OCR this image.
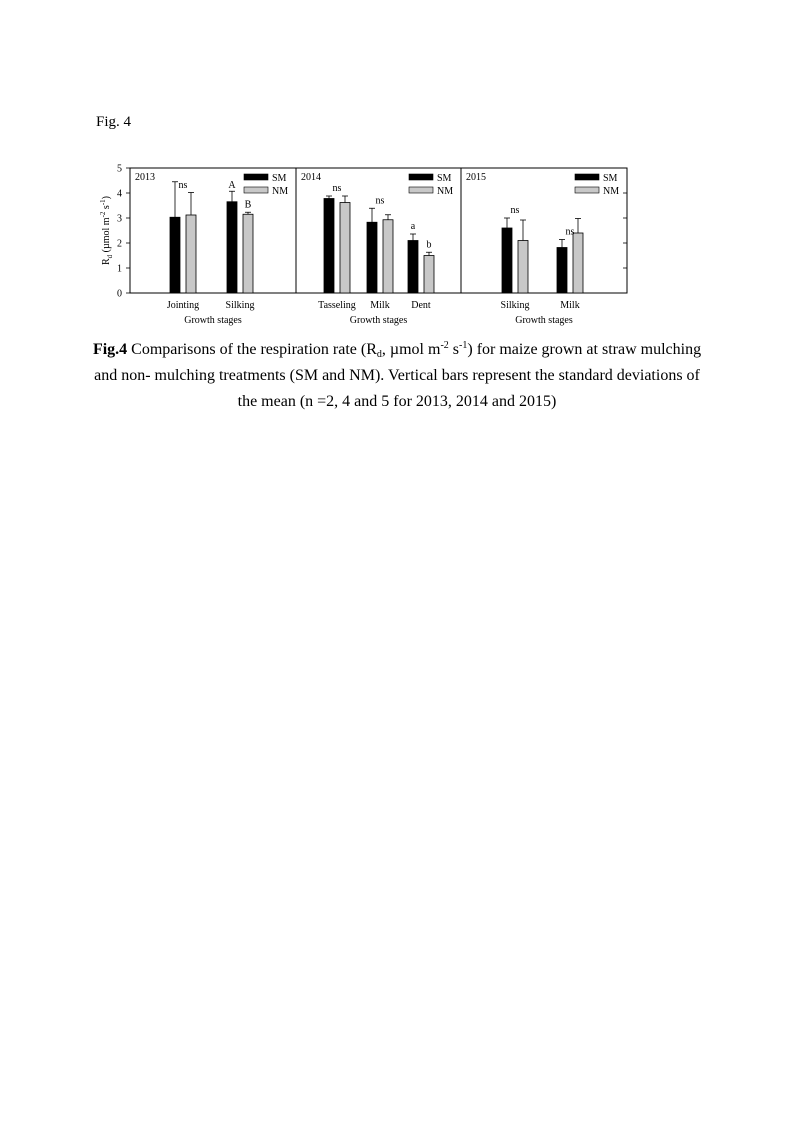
Fig. 4
0
1
2
3
4
5
$R_d$ (µmol $m^{-2}$ $s^{-1}$)
2013	SM
NM
Jointing	Silking
ns	A
B
Growth stages
2014	SM
NM
Tasseling Milk Dent
ns
ns
a
b
Growth stages
2015	SM
NM
Silking	Milk
ns
ns
Growth stages
Fig.4 Comparisons of the respiration rate ($R_d$, µmol $m^{-2}$ $s^{-1}$) for maize grown at straw mulching and non- mulching treatments (SM and NM). Vertical bars represent the standard deviations of the mean (n =2, 4 and 5 for 2013, 2014 and 2015)
